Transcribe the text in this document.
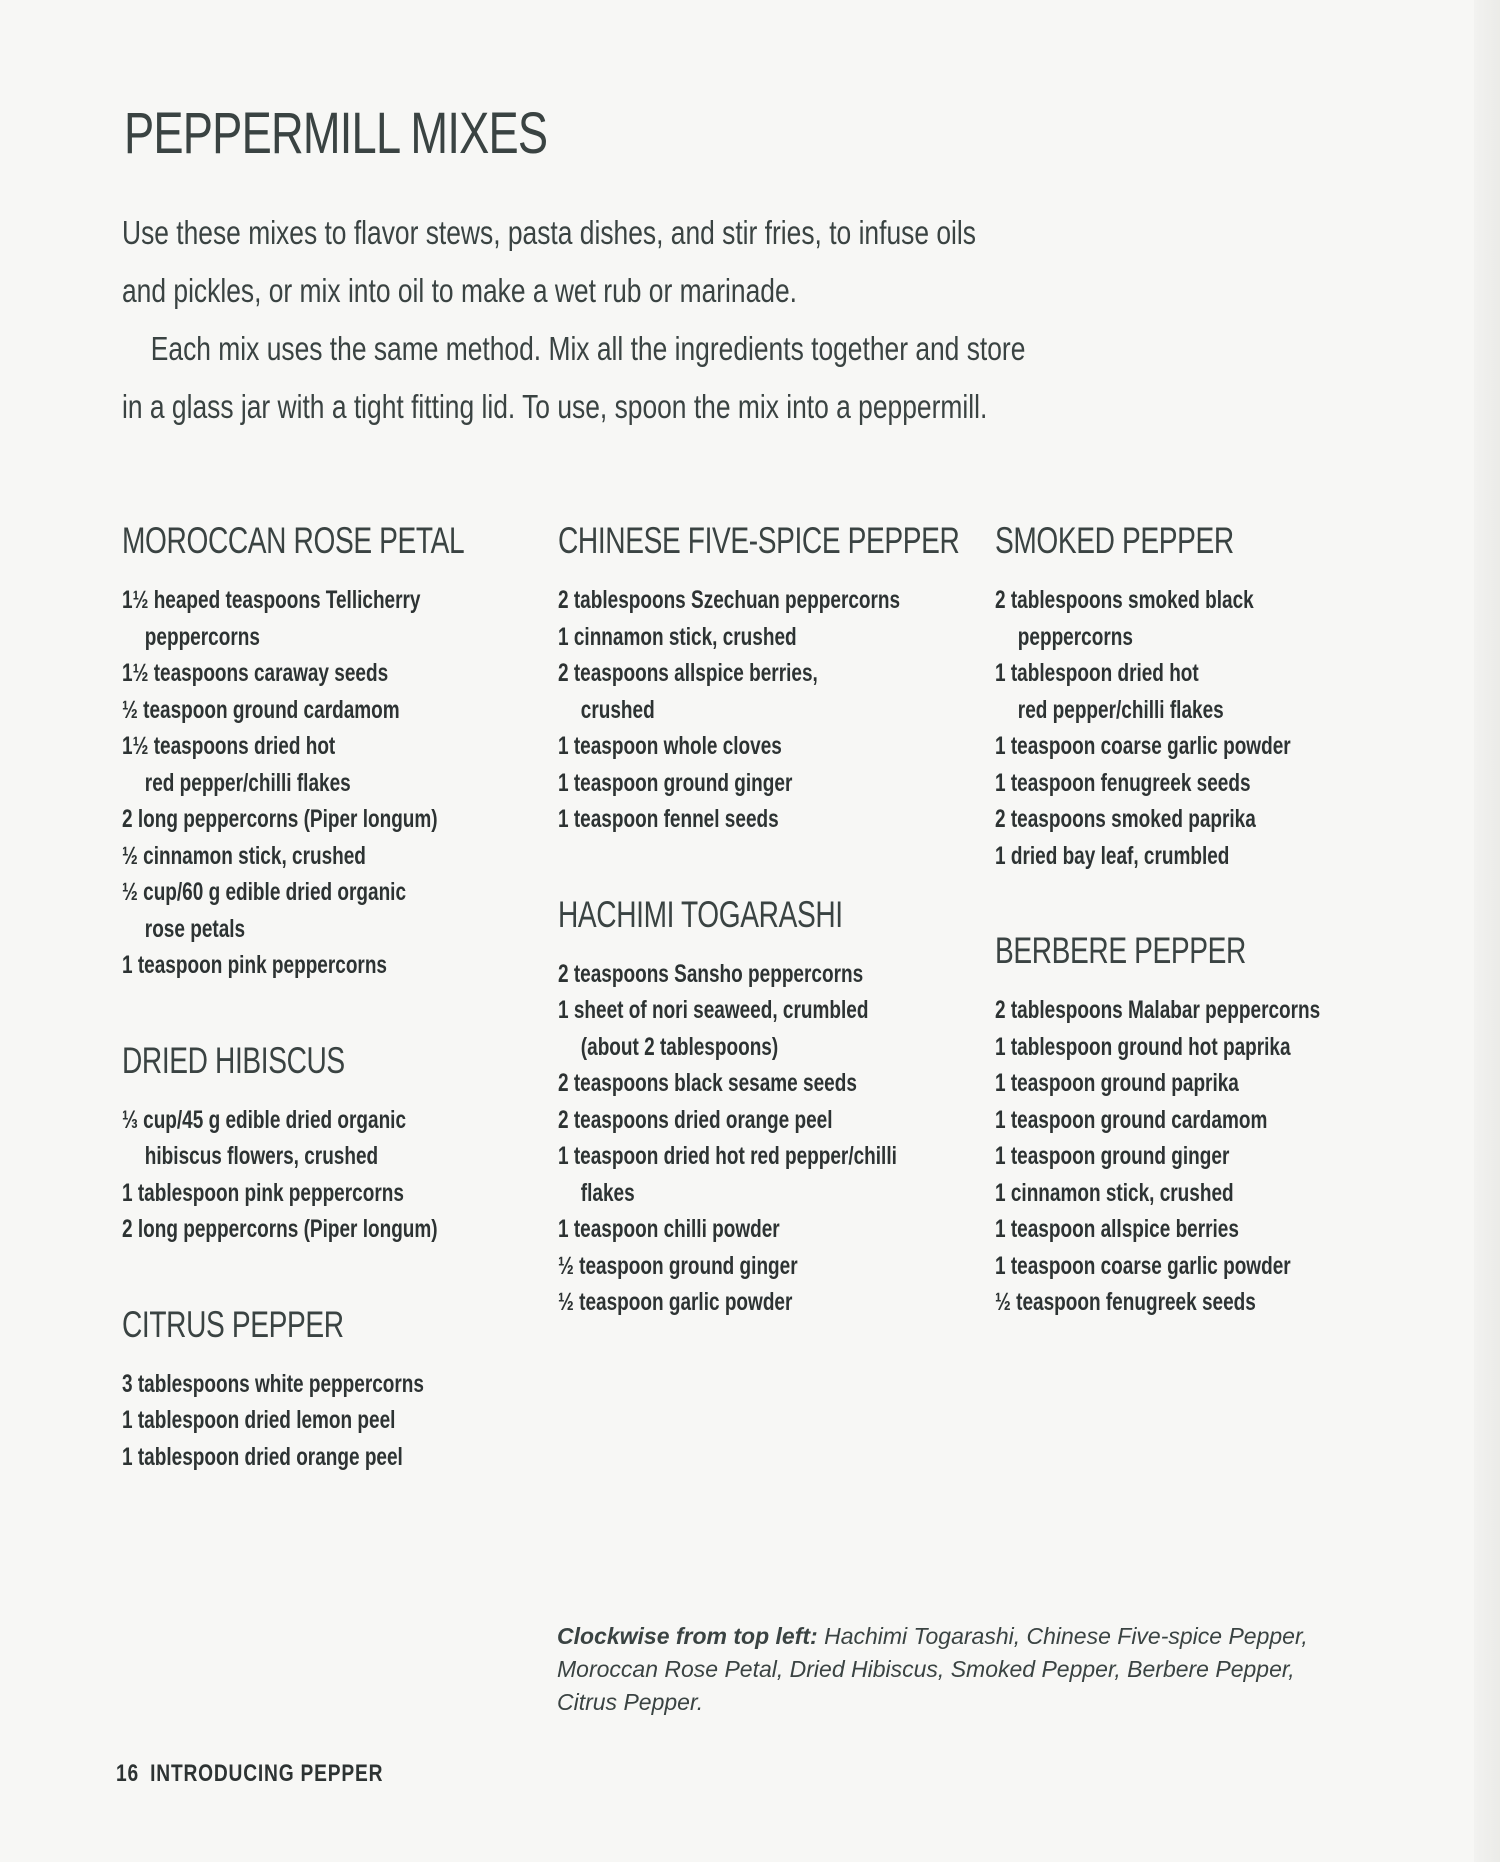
PEPPERMILL MIXES

Use these mixes to flavor stews, pasta dishes, and stir fries, to infuse oils

and pickles, or mix into oil to make a wet rub or marinade.

Each mix uses the same method. Mix all the ingredients together and store

in a glass jar with a tight fitting lid. To use, spoon the mix into a peppermill.

MOROCCAN ROSE PETAL
1½ heaped teaspoons Tellicherry
peppercorns
1½ teaspoons caraway seeds
½ teaspoon ground cardamom
1½ teaspoons dried hot
red pepper/chilli flakes
2 long peppercorns (Piper longum)
½ cinnamon stick, crushed
½ cup/60 g edible dried organic
rose petals
1 teaspoon pink peppercorns
DRIED HIBISCUS
⅓ cup/45 g edible dried organic
hibiscus flowers, crushed
1 tablespoon pink peppercorns
2 long peppercorns (Piper longum)
CITRUS PEPPER
3 tablespoons white peppercorns
1 tablespoon dried lemon peel
1 tablespoon dried orange peel
CHINESE FIVE-SPICE PEPPER
2 tablespoons Szechuan peppercorns
1 cinnamon stick, crushed
2 teaspoons allspice berries,
crushed
1 teaspoon whole cloves
1 teaspoon ground ginger
1 teaspoon fennel seeds
HACHIMI TOGARASHI
2 teaspoons Sansho peppercorns
1 sheet of nori seaweed, crumbled
(about 2 tablespoons)
2 teaspoons black sesame seeds
2 teaspoons dried orange peel
1 teaspoon dried hot red pepper/chilli
flakes
1 teaspoon chilli powder
½ teaspoon ground ginger
½ teaspoon garlic powder
SMOKED PEPPER
2 tablespoons smoked black
peppercorns
1 tablespoon dried hot
red pepper/chilli flakes
1 teaspoon coarse garlic powder
1 teaspoon fenugreek seeds
2 teaspoons smoked paprika
1 dried bay leaf, crumbled
BERBERE PEPPER
2 tablespoons Malabar peppercorns
1 tablespoon ground hot paprika
1 teaspoon ground paprika
1 teaspoon ground cardamom
1 teaspoon ground ginger
1 cinnamon stick, crushed
1 teaspoon allspice berries
1 teaspoon coarse garlic powder
½ teaspoon fenugreek seeds
Clockwise from top left: Hachimi Togarashi, Chinese Five-spice Pepper, Moroccan Rose Petal, Dried Hibiscus, Smoked Pepper, Berbere Pepper, Citrus Pepper.
16 INTRODUCING PEPPER
